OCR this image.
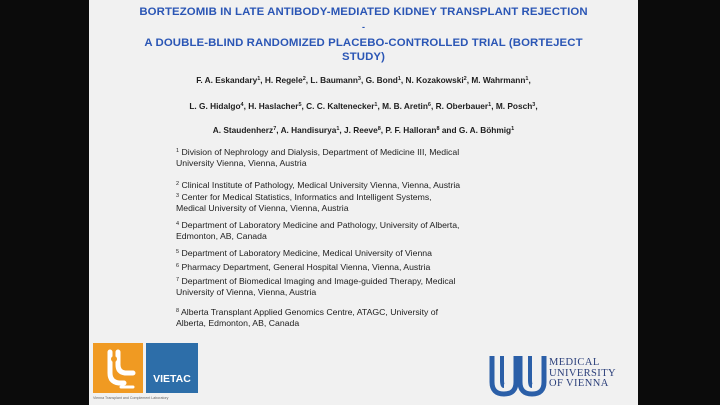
BORTEZOMIB IN LATE ANTIBODY-MEDIATED KIDNEY TRANSPLANT REJECTION
-
A DOUBLE-BLIND RANDOMIZED PLACEBO-CONTROLLED TRIAL (BORTEJECT
STUDY)
F. A. Eskandary$^1$, H. Regele$^2$, L. Baumann$^3$, G. Bond$^1$, N. Kozakowski$^2$, M. Wahrmann$^1$,
L. G. Hidalgo$^4$, H. Haslacher$^5$, C. C. Kaltenecker$^1$, M. B. Aretin$^6$, R. Oberbauer$^1$, M. Posch$^3$,
A. Staudenherz$^7$, A. Handisurya$^1$, J. Reeve$^8$, P. F. Halloran$^8$ and G. A. Böhmig$^1$
$^1$ Division of Nephrology and Dialysis, Department of Medicine III, Medical
University Vienna, Vienna, Austria
$^2$ Clinical Institute of Pathology, Medical University Vienna, Vienna, Austria
$^3$ Center for Medical Statistics, Informatics and Intelligent Systems,
Medical University of Vienna, Vienna, Austria
$^4$ Department of Laboratory Medicine and Pathology, University of Alberta,
Edmonton, AB, Canada
$^5$ Department of Laboratory Medicine, Medical University of Vienna
$^6$ Pharmacy Department, General Hospital Vienna, Vienna, Austria
$^7$ Department of Biomedical Imaging and Image-guided Therapy, Medical
University of Vienna, Vienna, Austria
$^8$ Alberta Transplant Applied Genomics Centre, ATAGC, University of
Alberta, Edmonton, AB, Canada
VIETAC
Vienna Transplant and Complement Laboratory
MEDICAL
UNIVERSITY
OF VIENNA
